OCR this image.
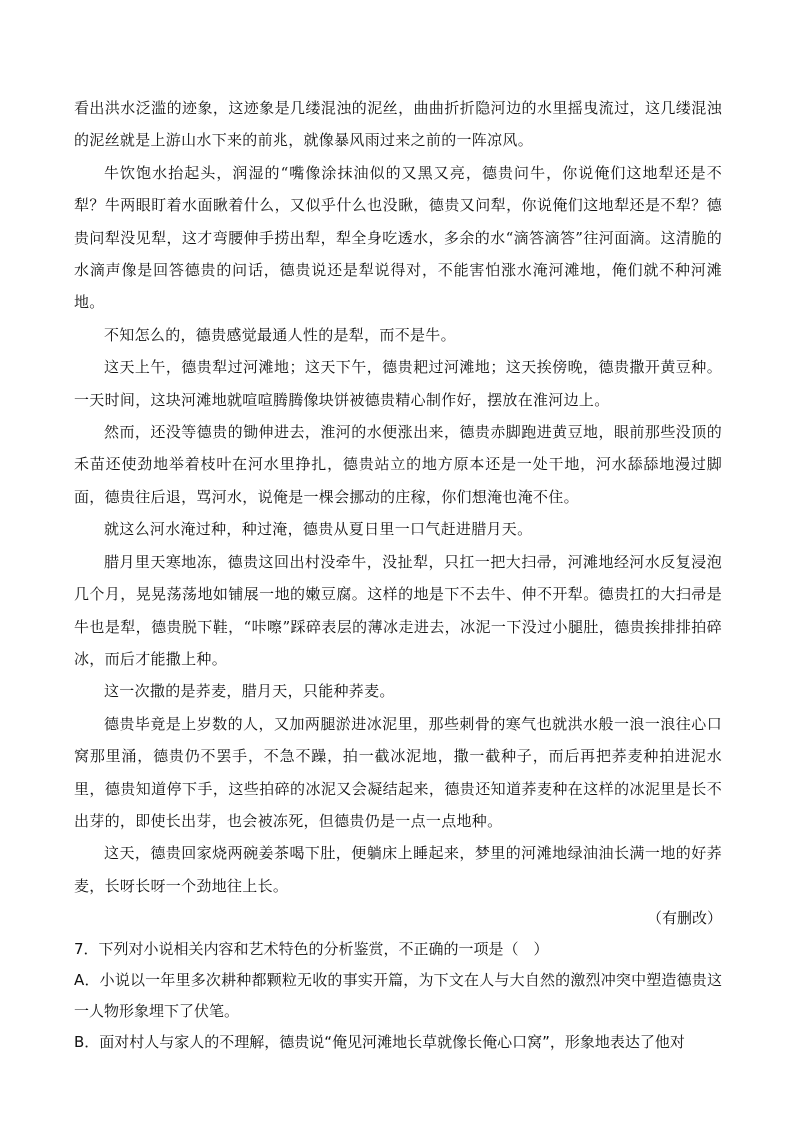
看出洪水泛滥的迹象，这迹象是几缕混浊的泥丝，曲曲折折隐河边的水里摇曳流过，这几缕混浊的泥丝就是上游山水下来的前兆，就像暴风雨过来之前的一阵凉风。

牛饮饱水抬起头，润湿的“嘴像涂抹油似的又黑又亮，德贵问牛，你说俺们这地犁还是不犁？牛两眼盯着水面瞅着什么，又似乎什么也没瞅，德贵又问犁，你说俺们这地犁还是不犁？德贵问犁没见犁，这才弯腰伸手捞出犁，犁全身吃透水，多余的水“滴答滴答”往河面滴。这清脆的水滴声像是回答德贵的问话，德贵说还是犁说得对，不能害怕涨水淹河滩地，俺们就不种河滩地。

不知怎么的，德贵感觉最通人性的是犁，而不是牛。

这天上午，德贵犁过河滩地；这天下午，德贵耙过河滩地；这天挨傍晚，德贵撒开黄豆种。一天时间，这块河滩地就喧喧腾腾像块饼被德贵精心制作好，摆放在淮河边上。

然而，还没等德贵的锄伸进去，淮河的水便涨出来，德贵赤脚跑进黄豆地，眼前那些没顶的禾苗还使劲地举着枝叶在河水里挣扎，德贵站立的地方原本还是一处干地，河水舔舔地漫过脚面，德贵往后退，骂河水，说俺是一棵会挪动的庄稼，你们想淹也淹不住。

就这么河水淹过种，种过淹，德贵从夏日里一口气赶进腊月天。

腊月里天寒地冻，德贵这回出村没牵牛，没扯犁，只扛一把大扫帚，河滩地经河水反复浸泡几个月，晃晃荡荡地如铺展一地的嫩豆腐。这样的地是下不去牛、伸不开犁。德贵扛的大扫帚是牛也是犁，德贵脱下鞋，“咔嚓”踩碎表层的薄冰走进去，冰泥一下没过小腿肚，德贵挨排排拍碎冰，而后才能撒上种。

这一次撒的是荞麦，腊月天，只能种荞麦。

德贵毕竟是上岁数的人，又加两腿淤进冰泥里，那些刺骨的寒气也就洪水般一浪一浪往心口窝那里涌，德贵仍不罢手，不急不躁，拍一截冰泥地，撒一截种子，而后再把荞麦种拍进泥水里，德贵知道停下手，这些拍碎的冰泥又会凝结起来，德贵还知道荞麦种在这样的冰泥里是长不出芽的，即使长出芽，也会被冻死，但德贵仍是一点一点地种。

这天，德贵回家烧两碗姜茶喝下肚，便躺床上睡起来，梦里的河滩地绿油油长满一地的好荞麦，长呀长呀一个劲地往上长。

（有删改）

7．下列对小说相关内容和艺术特色的分析鉴赏，不正确的一项是（　）

A．小说以一年里多次耕种都颗粒无收的事实开篇，为下文在人与大自然的激烈冲突中塑造德贵这一人物形象埋下了伏笔。

B．面对村人与家人的不理解，德贵说“俺见河滩地长草就像长俺心口窝”，形象地表达了他对
